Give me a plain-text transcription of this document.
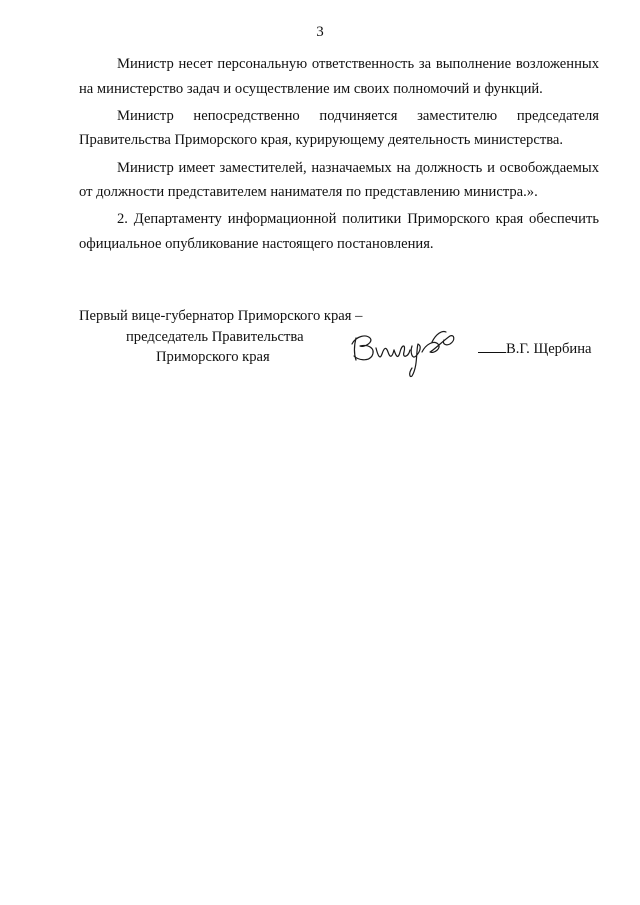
3

Министр несет персональную ответственность за выполнение возложенных на министерство задач и осуществление им своих полномочий и функций.

Министр непосредственно подчиняется заместителю председателя Правительства Приморского края, курирующему деятельность министерства.

Министр имеет заместителей, назначаемых на должность и освобождаемых от должности представителем нанимателя по представлению министра.».

2. Департаменту информационной политики Приморского края обеспечить официальное опубликование настоящего постановления.

Первый вице-губернатор Приморского края –
председатель Правительства
Приморского края	В.Г. Щербина
